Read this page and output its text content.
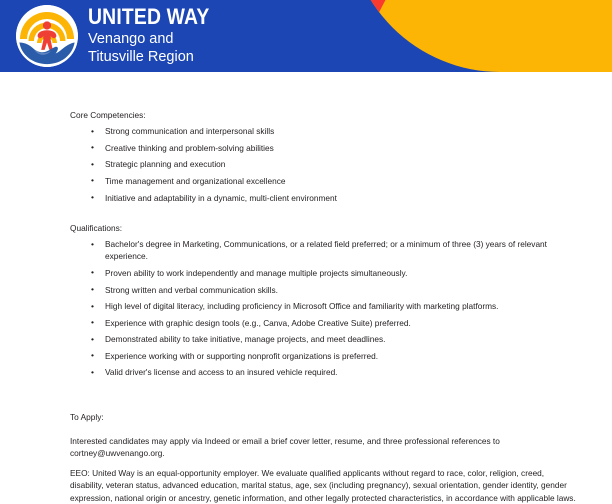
®
UNITED WAY
Venango and
Titusville Region

Core Competencies:

• Strong communication and interpersonal skills
• Creative thinking and problem-solving abilities
• Strategic planning and execution
• Time management and organizational excellence
• Initiative and adaptability in a dynamic, multi-client environment

Qualifications:

• Bachelor's degree in Marketing, Communications, or a related field preferred; or a minimum of three (3) years of relevant experience.
• Proven ability to work independently and manage multiple projects simultaneously.
• Strong written and verbal communication skills.
• High level of digital literacy, including proficiency in Microsoft Office and familiarity with marketing platforms.
• Experience with graphic design tools (e.g., Canva, Adobe Creative Suite) preferred.
• Demonstrated ability to take initiative, manage projects, and meet deadlines.
• Experience working with or supporting nonprofit organizations is preferred.
• Valid driver's license and access to an insured vehicle required.

To Apply:

Interested candidates may apply via Indeed or email a brief cover letter, resume, and three professional references to cortney@uwvenango.org.

EEO: United Way is an equal-opportunity employer. We evaluate qualified applicants without regard to race, color, religion, creed, disability, veteran status, advanced education, marital status, age, sex (including pregnancy), sexual orientation, gender identity, gender expression, national origin or ancestry, genetic information, and other legally protected characteristics, in accordance with applicable laws.
